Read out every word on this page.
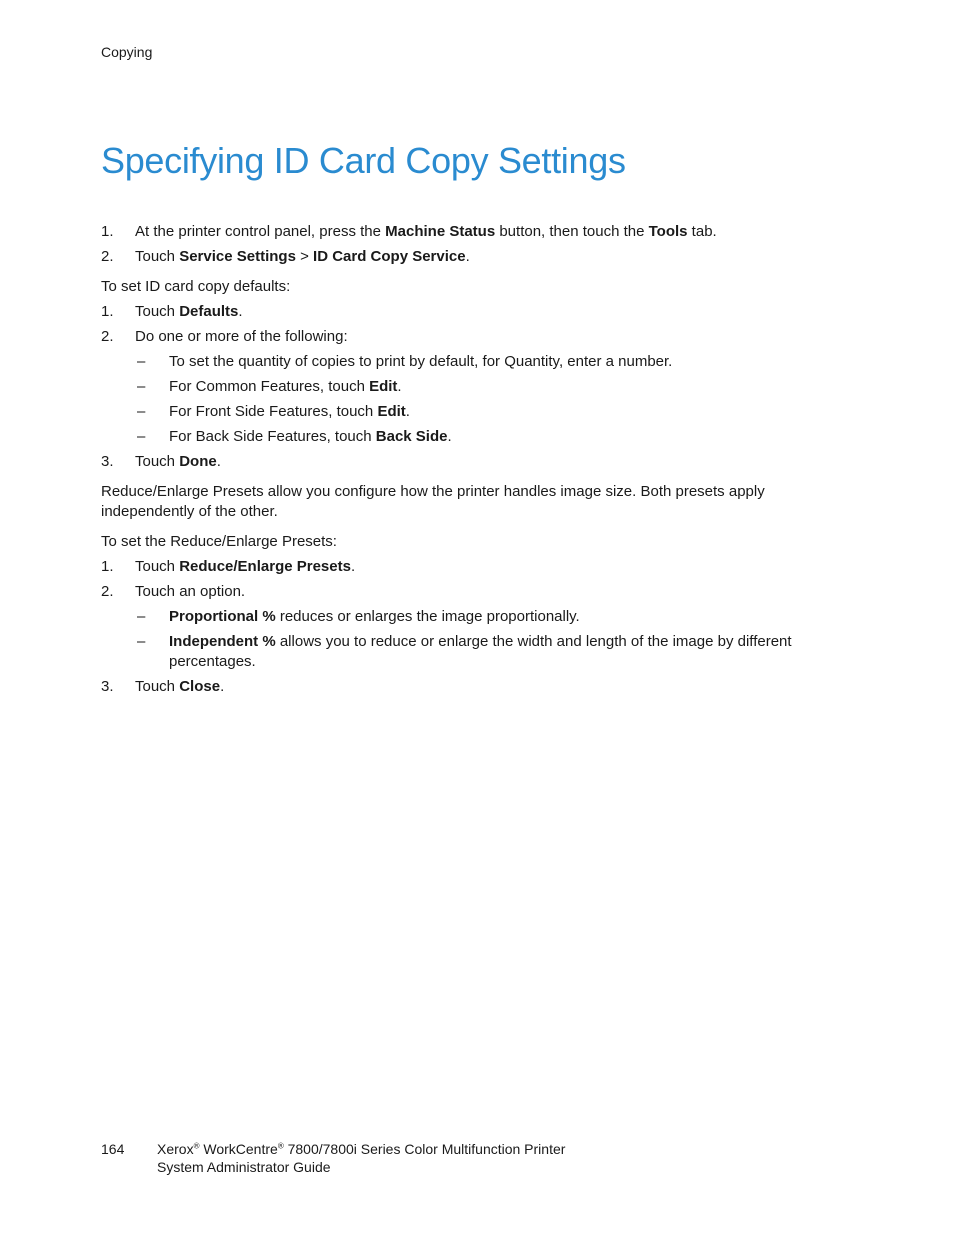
Copying
Specifying ID Card Copy Settings
1. At the printer control panel, press the Machine Status button, then touch the Tools tab.
2. Touch Service Settings > ID Card Copy Service.
To set ID card copy defaults:
1. Touch Defaults.
2. Do one or more of the following:
– To set the quantity of copies to print by default, for Quantity, enter a number.
– For Common Features, touch Edit.
– For Front Side Features, touch Edit.
– For Back Side Features, touch Back Side.
3. Touch Done.
Reduce/Enlarge Presets allow you configure how the printer handles image size. Both presets apply independently of the other.
To set the Reduce/Enlarge Presets:
1. Touch Reduce/Enlarge Presets.
2. Touch an option.
– Proportional % reduces or enlarges the image proportionally.
– Independent % allows you to reduce or enlarge the width and length of the image by different percentages.
3. Touch Close.
164 Xerox® WorkCentre® 7800/7800i Series Color Multifunction Printer
System Administrator Guide
